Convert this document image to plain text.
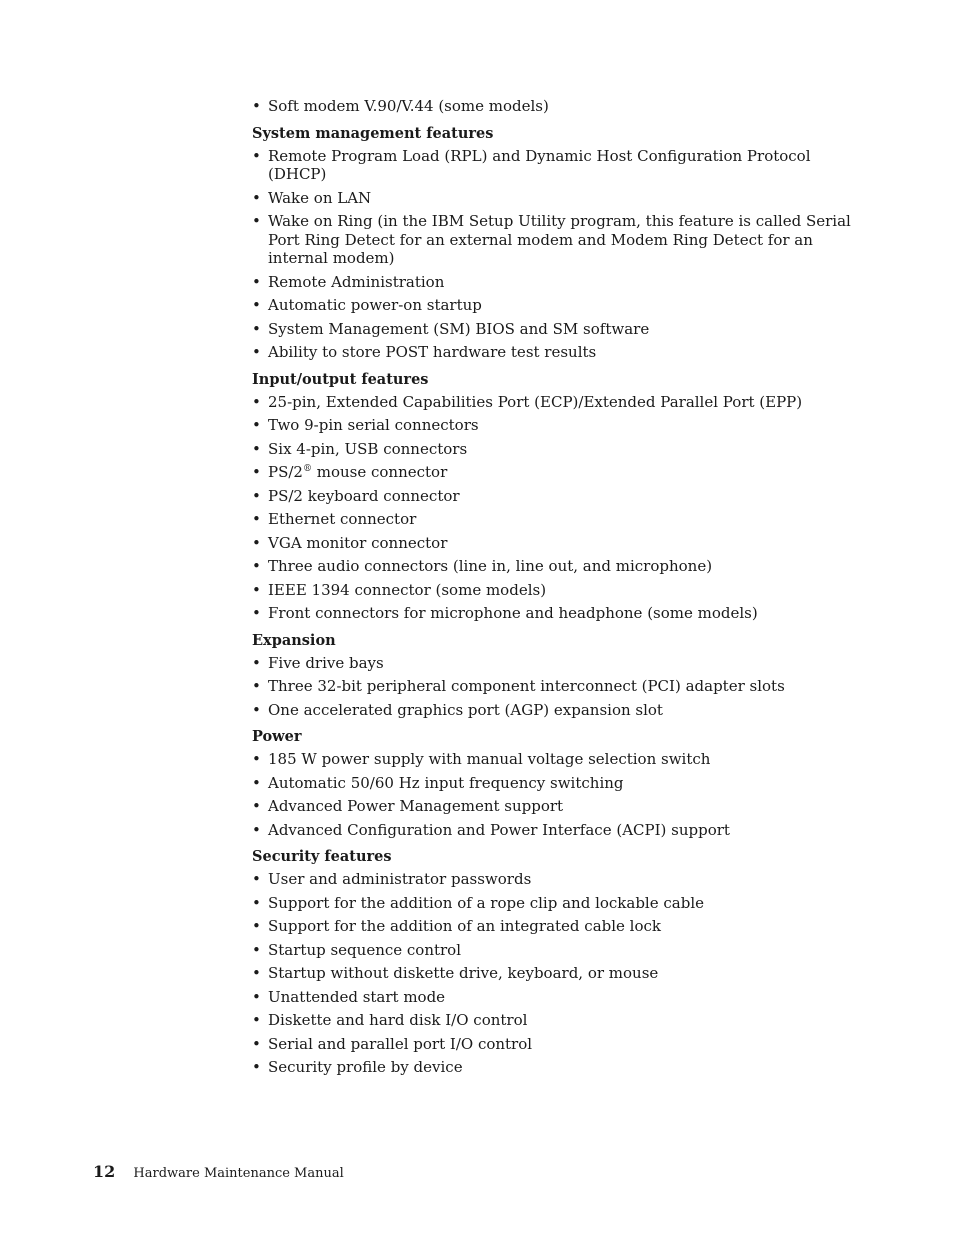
• Soft modem V.90/V.44 (some models)
System management features
• Remote Program Load (RPL) and Dynamic Host Configuration Protocol (DHCP)
• Wake on LAN
• Wake on Ring (in the IBM Setup Utility program, this feature is called Serial Port Ring Detect for an external modem and Modem Ring Detect for an internal modem)
• Remote Administration
• Automatic power-on startup
• System Management (SM) BIOS and SM software
• Ability to store POST hardware test results
Input/output features
• 25-pin, Extended Capabilities Port (ECP)/Extended Parallel Port (EPP)
• Two 9-pin serial connectors
• Six 4-pin, USB connectors
• PS/2® mouse connector
• PS/2 keyboard connector
• Ethernet connector
• VGA monitor connector
• Three audio connectors (line in, line out, and microphone)
• IEEE 1394 connector (some models)
• Front connectors for microphone and headphone (some models)
Expansion
• Five drive bays
• Three 32-bit peripheral component interconnect (PCI) adapter slots
• One accelerated graphics port (AGP) expansion slot
Power
• 185 W power supply with manual voltage selection switch
• Automatic 50/60 Hz input frequency switching
• Advanced Power Management support
• Advanced Configuration and Power Interface (ACPI) support
Security features
• User and administrator passwords
• Support for the addition of a rope clip and lockable cable
• Support for the addition of an integrated cable lock
• Startup sequence control
• Startup without diskette drive, keyboard, or mouse
• Unattended start mode
• Diskette and hard disk I/O control
• Serial and parallel port I/O control
• Security profile by device
12 Hardware Maintenance Manual
